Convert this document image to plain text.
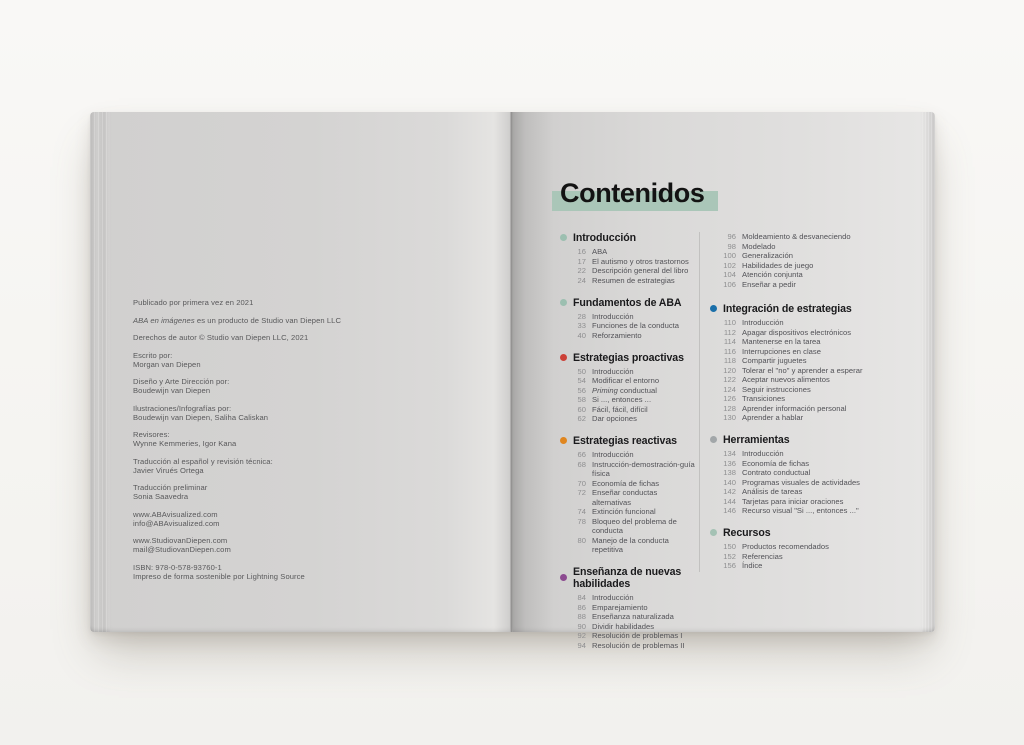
Publicado por primera vez en 2021
ABA en imágenes es un producto de Studio van Diepen LLC
Derechos de autor © Studio van Diepen LLC, 2021
Escrito por:
Morgan van Diepen
Diseño y Arte Dirección por:
Boudewijn van Diepen
Ilustraciones/Infografías por:
Boudewijn van Diepen, Saliha Caliskan
Revisores:
Wynne Kemmeries, Igor Kana
Traducción al español y revisión técnica:
Javier Virués Ortega
Traducción preliminar
Sonia Saavedra
www.ABAvisualized.com
info@ABAvisualized.com
www.StudiovanDiepen.com
mail@StudiovanDiepen.com
ISBN: 978-0-578-93760-1
Impreso de forma sostenible por Lightning Source
Contenidos
Introducción
16 ABA
17 El autismo y otros trastornos
22 Descripción general del libro
24 Resumen de estrategias
Fundamentos de ABA
28 Introducción
33 Funciones de la conducta
40 Reforzamiento
Estrategias proactivas
50 Introducción
54 Modificar el entorno
56 Priming conductual
58 Si ..., entonces ...
60 Fácil, fácil, difícil
62 Dar opciones
Estrategias reactivas
66 Introducción
68 Instrucción-demostración-guía física
70 Economía de fichas
72 Enseñar conductas alternativas
74 Extinción funcional
78 Bloqueo del problema de conducta
80 Manejo de la conducta repetitiva
Enseñanza de nuevas habilidades
84 Introducción
86 Emparejamiento
88 Enseñanza naturalizada
90 Dividir habilidades
92 Resolución de problemas I
94 Resolución de problemas II
96 Moldeamiento & desvaneciendo
98 Modelado
100 Generalización
102 Habilidades de juego
104 Atención conjunta
106 Enseñar a pedir
Integración de estrategias
110 Introducción
112 Apagar dispositivos electrónicos
114 Mantenerse en la tarea
116 Interrupciones en clase
118 Compartir juguetes
120 Tolerar el "no" y aprender a esperar
122 Aceptar nuevos alimentos
124 Seguir instrucciones
126 Transiciones
128 Aprender información personal
130 Aprender a hablar
Herramientas
134 Introducción
136 Economía de fichas
138 Contrato conductual
140 Programas visuales de actividades
142 Análisis de tareas
144 Tarjetas para iniciar oraciones
146 Recurso visual "Si ..., entonces ..."
Recursos
150 Productos recomendados
152 Referencias
156 Índice
